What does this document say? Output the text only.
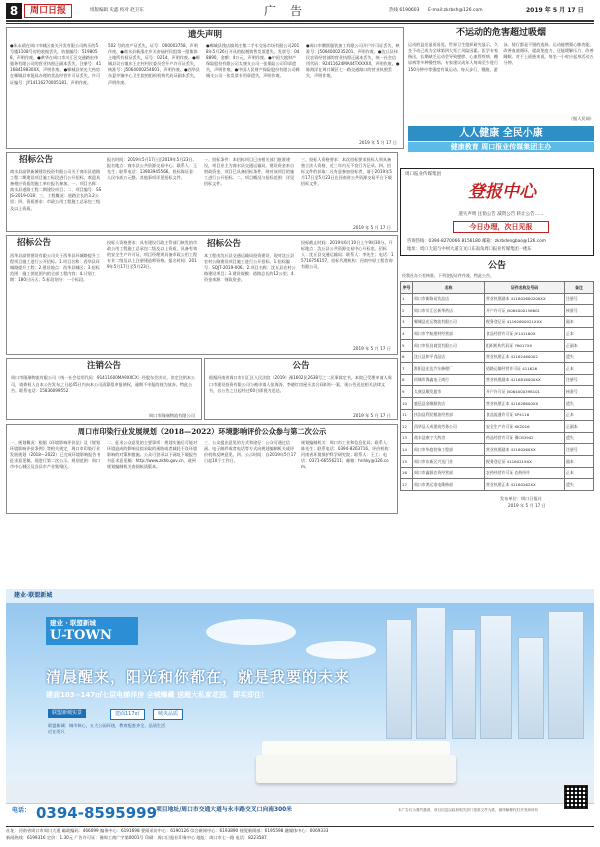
8	周口日报	组版编辑 史鑫 校对 赵卫东	广告	热线 6190603 E-mail:zkrbsh@126.com	2019 年 5 月 17 日
遗失声明
●朱永靖在周口市城区南关开发有限公司购买的5号楼1108号房的收据丢失，收据编号：5198058，声明作废。●黄华在周口市川汇区交通路宏伟服务有限公司的营业执照正副本丢失，注册号：41168419830XX，声明作废。●郸城县荣光大药房在郸城县审批局办理的食品经营许可证丢失，许可证编号：JY14116270005181，声明作废。
502 号的房产证丢失，证号：000003758，声明作废。●商水县新邵庄乡关帝庙村民组第一组集体土地所有权证丢失，证号：0214，声明作废。●郸城县吴台镇东王庄村村民委员会开户许可证丢失，核准号：J5064000254601，声明作废。●西华县东夏亭镇中心卫生院的组织机构代码证副本丢失，声明作废。
●郸城县钱店镇刘庄集二手车交易市场有限公司2018年5月26日开具的报税销售发票遗失，发票号：048890，金额：4万元，声明作废。●中国大地财产保险股份有限公司太康支公司一张保险公司印章遗失，声明作废。●中国人民财产保险股份有限公司郸城支公司一张发票专用章遗失，声明作废。
●周口市腾跃服装加工有限公司开户许可证丢失，核准号：J5064000235201，声明作废。●沈丘县伟民农资经营部的营业执照正副本丢失，统一社会信用代码：92411624MA44TXXXXX，声明作废。●陈海洋在周口城区七一路交通路口的营业执照丢失，声明作废。
2019 年 5 月 17 日
不运动的危害超过吸烟
运动的益处显而易见，世界卫生组织研究显示，久坐不动已成为全球第四大死亡风险因素。医学专家指出，长期缺乏运动会导致肥胖、心血管疾病、糖尿病等多种慢性病。专家建议成年人每周至少进行150分钟中等强度有氧运动，每天步行、慢跑、游泳、骑行都是不错的选择。运动能增强心肺功能，改善血液循环，提高免疫力，还能缓解压力、改善睡眠。对于上班族来说，每坐一小时应起身活动五分钟。
（据人民网）
人人健康 全民小康
健康教育 周口报业传媒集团主办
周口报业传媒集团
登报中心
遗失声明 注销公告 减资公告 转让公告……
今日办理，次日见报
咨询热线：0394-8270066 8156180 邮箱：zkrbdengbao@126.com
地址：周口大道与中州大道交叉口东南角周口报业传媒集团一楼东
公告
经我社办公室核准，下列登报证件作废，特此公告。
序号	名称	证件名称及号码	备注
1	周口市新路易饮品店	营业执照副本 411602600200XX	注册号
2	周口市川汇区新华药店	开户许可证 J5064000156601	核准号
3	郸城县宏运物流有限公司	税务登记证 41162600021XXX	副本
4	周口市宇航建材经营部	食品经营许可证 JY141160X	正本
5	周口市恒昌商贸有限公司	组织机构代码证 76017XX	正副本
6	沈丘县和平食品店	营业执照正本 41162460002	遗失
7	淮阳县宏达汽车修理厂	道路运输经营许可证 411626	正本
8	项城市海鑫电子商行	营业执照副本 4116816000XX	注册号
9	太康县顺发超市	开户许可证 J5064000398101	核准号
10	鹿邑县金顺服装店	营业执照正本 411628600XX	遗失
11	扶沟县利民粮油经营部	食品流通许可证 SP4116	正本
12	西华县天成建筑劳务公司	安全生产许可证 XK2016	正副本
13	商水县康宁大药房	药品经营许可证 豫CB3942	遗失
14	周口市华庭装饰工程部	营业执照副本 41160260XX	注册号
15	周口市东新区兴达门业	税务登记证 41160219XX	副本
16	周口市鑫源农资经营部	农药经营许可证 农药经许	正本
17	周口市鸿运家电维修部	营业执照正本 41160262XX	遗失
发布单位：周口日报社
2019 年 5 月 17 日
招标公告
商水县高铁新城建设投资有限公司关于商水县道路工程二期建设项目施工标段进行公开招标，欢迎具备相应资质的施工单位报名参加。一、项目名称：商水县道路工程二期建设项目；二、项目编号：SSJS-2019-018；三、工程概况：道路全长约3.2公里；四、资质要求：市政公用工程施工总承包三级及以上资质。
报名时间：2019年5月17日至2019年5月23日。报名地点：商水县公共资源交易中心。联系人：王先生；联系电话：13903945566。投标保证金：人民币贰万元整。其他事项详见招标文件。
一、招标条件：本招标项目已由相关部门批准建设，项目业主为商水县交通运输局，建设资金来自财政资金，项目已具备招标条件，现对该项目的施工进行公开招标。二、项目概况与招标范围：详见招标文件。
三、投标人资格要求：本次招标要求投标人须具备独立法人资格，近三年内无不良行为记录。四、招标文件的获取：凡有意参加投标者，请于2019年5月17日至5月23日在河南省公共资源交易平台下载招标文件。
2019 年 5 月 17 日
招标公告
西华县高铁建设有限公司关于西华县环城路提升工程项目施工进行公开招标。1.项目名称：西华县环城路提升工程；2.建设地点：西华县城区；3.招标范围：施工图范围内的全部工程内容；4.计划工期：180日历天；5.标段划分：一个标段。
投标人资格要求：具有建设行政主管部门核发的市政公用工程施工总承包二级及以上资质，具备有效的安全生产许可证，项目经理须具备市政公用工程专业二级及以上注册建造师资格。报名时间：2019年5月17日至5月23日。
本工程由沈丘县交通运输局投资建设，现对沈丘县农村公路建设项目施工进行公开招标。1.招标编号：SQJT-2019-006；2.项目名称：沈丘县农村公路建设项目；3.建设规模：道路总长约12公里；4.资金来源：财政资金。
投标截止时间：2019年6月10日上午9时30分。开标地点：沈丘县公共资源交易中心开标室。招标人：沈丘县交通运输局；联系人：李先生；电话：15716756157。招标代理机构：河南中原工程咨询有限公司。
2019 年 5 月 17 日
招标公告
注销公告
周口市隆瑞物流有限公司（统一社会信用代码：91411600MA9XXCX）经股东会决议，决定注销本公司，请债权人自本公告发布之日起45日内向本公司清算组申报债权，逾期不申报的视为放弃。特此公告。联系电话：15836099552
周口市隆瑞物流有限公司
公告
根据河南省周口市川汇区人民法院（2019）豫1602民2638号之二民事裁定书，本院已受理申请人周口市建设投资有限公司与被申请人张海涛、李晓红房屋买卖合同纠纷一案。现公告送达相关法律文书，自公告之日起经过60日即视为送达。
2019 年 5 月 17 日
周口市印染行业发展规划（2018—2022）环境影响评价公众参与第二次公示
一、规划概况：根据《环境影响评价法》及《规划环境影响评价条例》等相关规定，周口市印染行业发展规划（2018—2022）已完成环境影响报告书征求意见稿，现进行第二次公示。规划范围：周口市中心城区及各县市产业集聚区。
二、征求公众意见的主要事项：规划实施后可能对环境造成的影响及拟采取的预防或者减轻不良环境影响的对策和措施。公众可登录以下网址下载报告书征求意见稿：http://www.zkhb.gov.cn，或到规划编制机关查阅纸质版本。
三、公众提出意见的方式和途径：公众可通过信函、电子邮件或者电话等方式向规划编制机关或评价机构反映意见。四、公示时间：自2019年5月17日起10个工作日。
规划编制机关：周口市工业和信息化局；联系人：陈先生；联系电话：0394-8263716。评价机构：河南省环境保护科学研究院；联系人：王工；电话：0371-66556211；邮箱：hnhky@126.com。
建业·联盟新城
建业 · 联盟新城
U-TOWN
清晨醒来，阳光和你都在，就是我要的未来
建面103~147㎡七层电梯洋房 全城臻藏 送超大私家花园，即买即住！
联盟新城实景	建面117㎡	城央品质
联盟新城：城市核心，五大公园环绕，教育配套齐全，品质生活近在咫尺
电话： 0394-8595999
项目地址/周口市交通大道与永丰路交叉口向南300米	本广告仅为要约邀请，项目信息以政府相关部门批准文件为准，最终解释权归开发商所有
社址：河南省周口市周口大道 邮政编码：466099 编务中心：6191698 要闻采访中心：6190126 综合新闻中心：6193890 视觉新闻部：6195598 融媒体中心：6069333
新闻热线：6199316 定价：1.30元 广告许可证：豫周工商广字第0001号 印刷：周口日报社印务中心 地址：周口市七一路 电话：8223587
